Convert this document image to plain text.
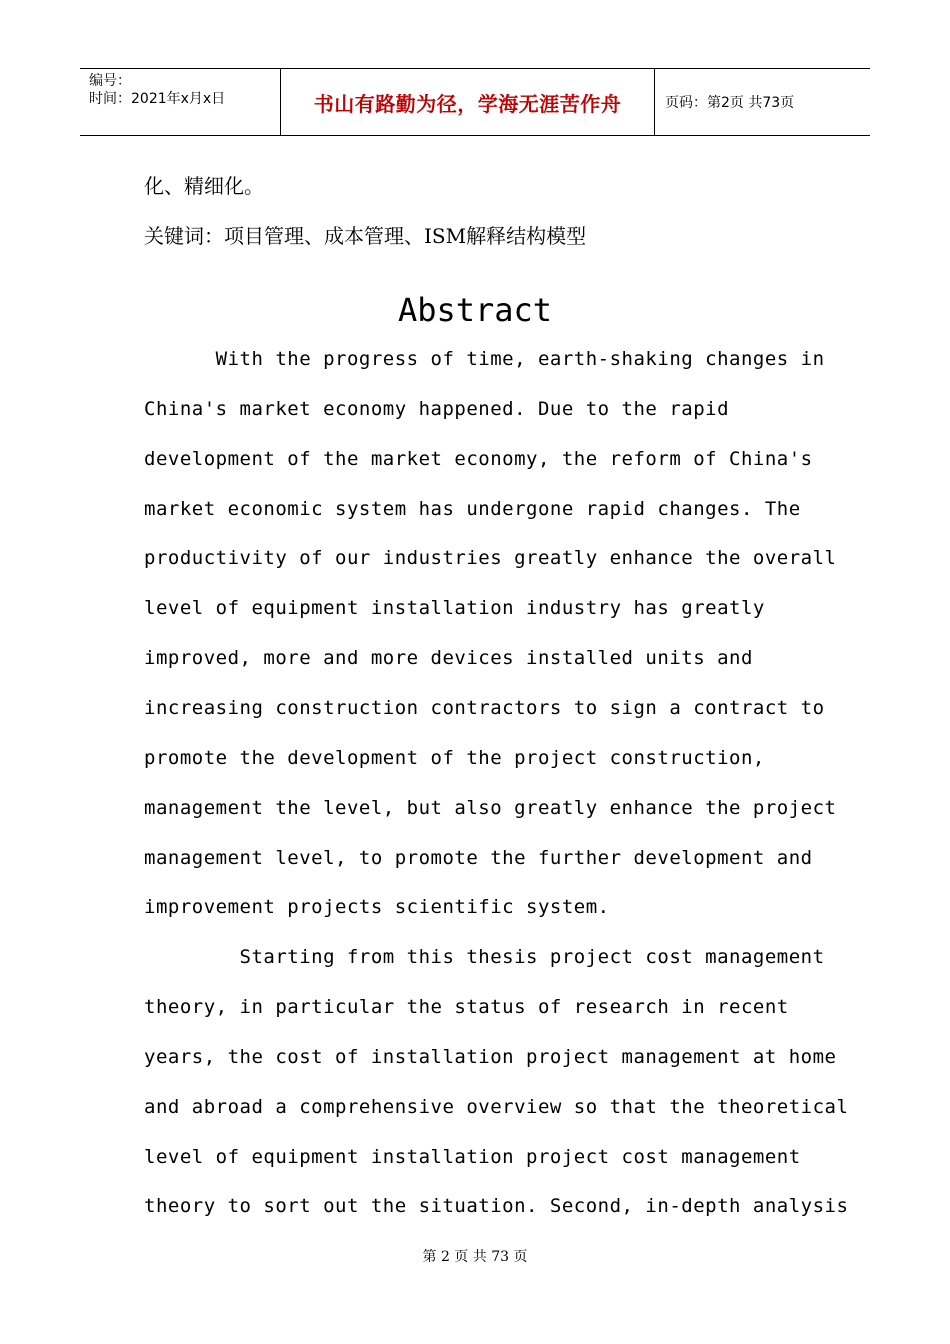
编号：
时间：2021年x月x日	书山有路勤为径，学海无涯苦作舟	页码：第2页 共73页
化、精细化。
关键词：项目管理、成本管理、ISM解释结构模型
Abstract
With the progress of time, earth-shaking changes in
China's market economy happened. Due to the rapid
development of the market economy, the reform of China's
market economic system has undergone rapid changes. The
productivity of our industries greatly enhance the overall
level of equipment installation industry has greatly
improved, more and more devices installed units and
increasing construction contractors to sign a contract to
promote the development of the project construction,
management the level, but also greatly enhance the project
management level, to promote the further development and
improvement projects scientific system.
Starting from this thesis project cost management
theory, in particular the status of research in recent
years, the cost of installation project management at home
and abroad a comprehensive overview so that the theoretical
level of equipment installation project cost management
theory to sort out the situation. Second, in-depth analysis
第 2 页 共 73 页
